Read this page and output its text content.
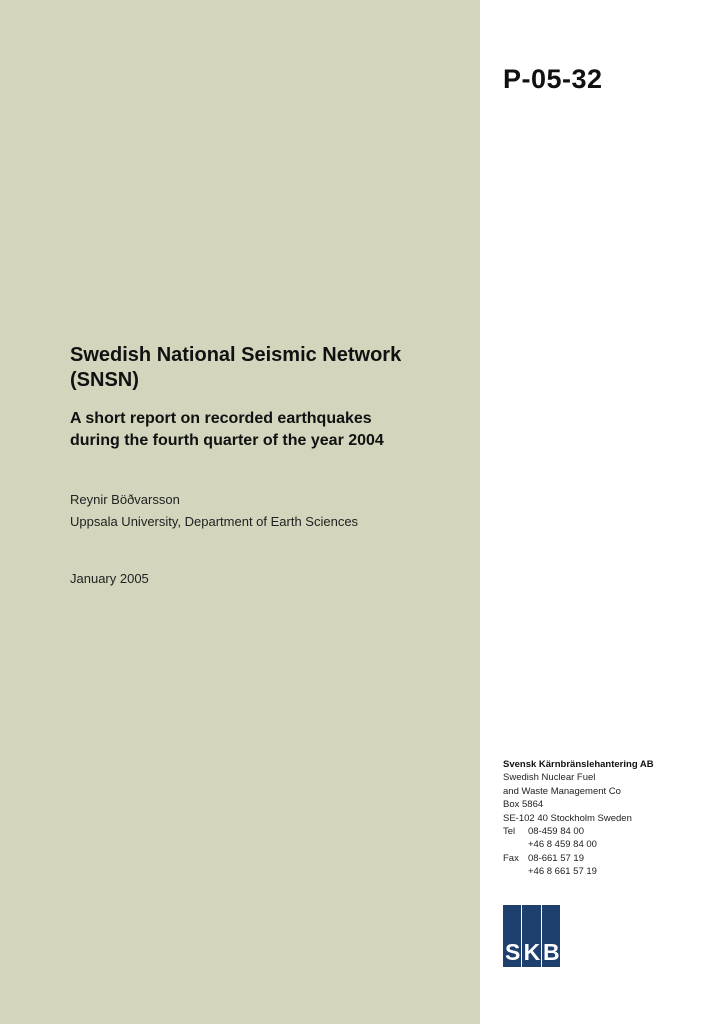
P-05-32
Swedish National Seismic Network
(SNSN)
A short report on recorded earthquakes
during the fourth quarter of the year 2004
Reynir Böðvarsson
Uppsala University, Department of Earth Sciences
January 2005
Svensk Kärnbränslehantering AB
Swedish Nuclear Fuel
and Waste Management Co
Box 5864
SE-102 40 Stockholm Sweden
Tel	08-459 84 00
+46 8 459 84 00
Fax 08-661 57 19
+46 8 661 57 19
S K B
